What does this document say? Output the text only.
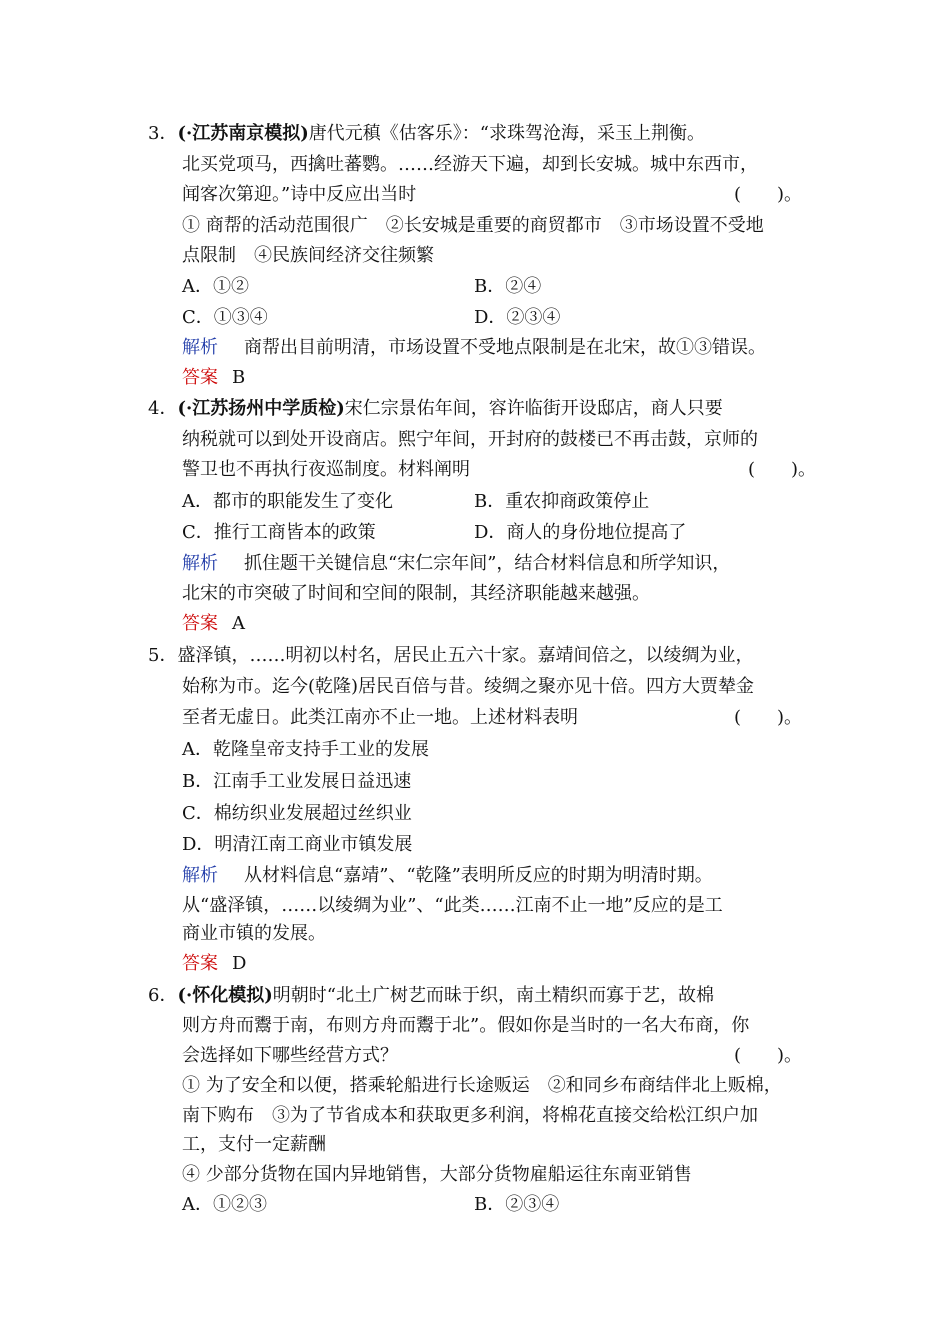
3．(·江苏南京模拟)唐代元稹《估客乐》：“求珠驾沧海，采玉上荆衡。
北买党项马，西擒吐蕃鹦。……经游天下遍，却到长安城。城中东西市，
闻客次第迎。”诗中反应出当时	(　　)。
① 商帮的活动范围很广　②长安城是重要的商贸都市　③市场设置不受地
点限制　④民族间经济交往频繁
A．①②	B．②④
C．①③④	D．②③④
解析 商帮出目前明清，市场设置不受地点限制是在北宋，故①③错误。
答案 B
4．(·江苏扬州中学质检)宋仁宗景佑年间，容许临街开设邸店，商人只要
纳税就可以到处开设商店。熙宁年间，开封府的鼓楼已不再击鼓，京师的
警卫也不再执行夜巡制度。材料阐明	(　　)。
A．都市的职能发生了变化	B．重农抑商政策停止
C．推行工商皆本的政策	D．商人的身份地位提高了
解析 抓住题干关键信息“宋仁宗年间”，结合材料信息和所学知识，
北宋的市突破了时间和空间的限制，其经济职能越来越强。
答案 A
5．盛泽镇，……明初以村名，居民止五六十家。嘉靖间倍之，以绫绸为业，
始称为市。迄今(乾隆)居民百倍与昔。绫绸之聚亦见十倍。四方大贾辇金
至者无虚日。此类江南亦不止一地。上述材料表明	(　　)。
A．乾隆皇帝支持手工业的发展
B．江南手工业发展日益迅速
C．棉纺织业发展超过丝织业
D．明清江南工商业市镇发展
解析 从材料信息“嘉靖”、“乾隆”表明所反应的时期为明清时期。
从“盛泽镇，……以绫绸为业”、“此类……江南不止一地”反应的是工
商业市镇的发展。
答案 D
6．(·怀化模拟)明朝时“北土广树艺而昧于织，南土精织而寡于艺，故棉
则方舟而鬻于南，布则方舟而鬻于北”。假如你是当时的一名大布商，你
会选择如下哪些经营方式？	(　　)。
① 为了安全和以便，搭乘轮船进行长途贩运　②和同乡布商结伴北上贩棉，
南下购布　③为了节省成本和获取更多利润，将棉花直接交给松江织户加
工，支付一定薪酬
④ 少部分货物在国内异地销售，大部分货物雇船运往东南亚销售
A．①②③	B．②③④
